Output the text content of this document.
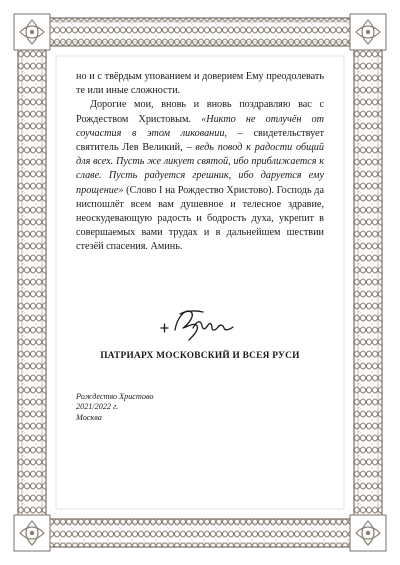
но и с твёрдым упованием и доверием Ему преодолевать те или иные сложности.

Дорогие мои, вновь и вновь поздравляю вас с Рождеством Христовым. «Никто не отлучён от соучастия в этом ликовании, – свидетельствует святитель Лев Великий, – ведь повод к радости общий для всех. Пусть же ликует святой, ибо приближается к славе. Пусть радуется грешник, ибо даруется ему прощение» (Слово I на Рождество Христово). Господь да ниспошлёт всем вам душевное и телесное здравие, неоскудевающую радость и бодрость духа, укрепит в совершаемых вами трудах и в дальнейшем шествии стезёй спасения. Аминь.

ПАТРИАРХ МОСКОВСКИЙ И ВСЕЯ РУСИ
Рождество Христово
2021/2022 г.
Москва
